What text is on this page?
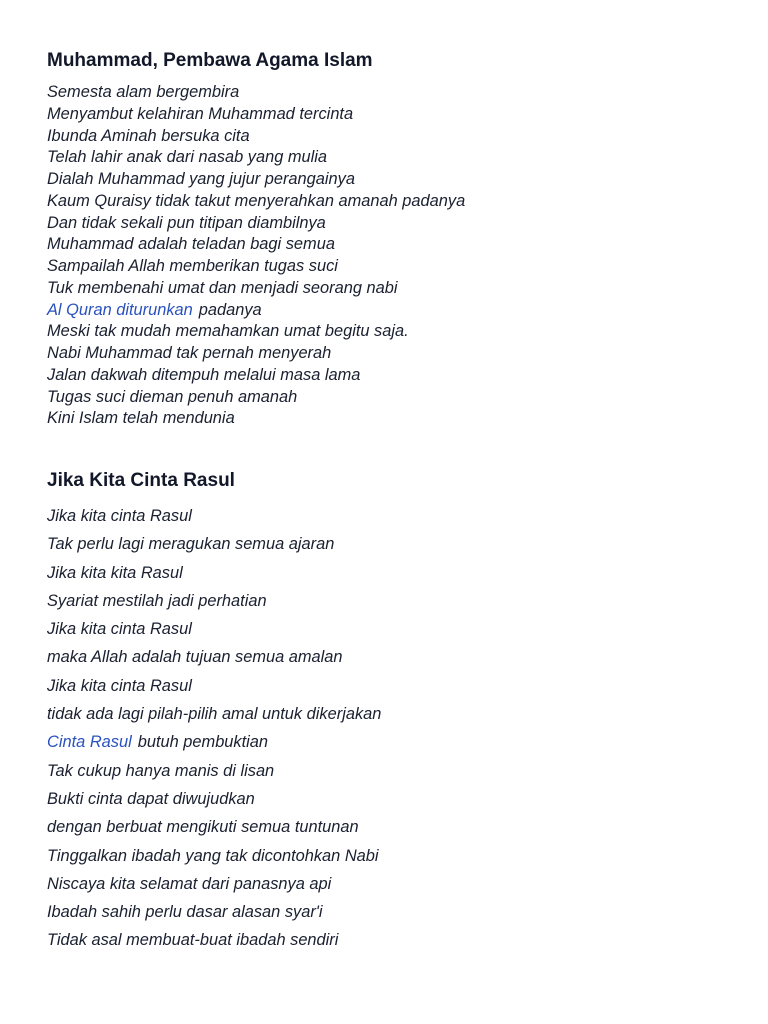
Muhammad, Pembawa Agama Islam
Semesta alam bergembira
Menyambut kelahiran Muhammad tercinta
Ibunda Aminah bersuka cita
Telah lahir anak dari nasab yang mulia
Dialah Muhammad yang jujur perangainya
Kaum Quraisy tidak takut menyerahkan amanah padanya
Dan tidak sekali pun titipan diambilnya
Muhammad adalah teladan bagi semua
Sampailah Allah memberikan tugas suci
Tuk membenahi umat dan menjadi seorang nabi
Al Quran diturunkan padanya
Meski tak mudah memahamkan umat begitu saja.
Nabi Muhammad tak pernah menyerah
Jalan dakwah ditempuh melalui masa lama
Tugas suci dieman penuh amanah
Kini Islam telah mendunia
Jika Kita Cinta Rasul
Jika kita cinta Rasul
Tak perlu lagi meragukan semua ajaran
Jika kita kita Rasul
Syariat mestilah jadi perhatian
Jika kita cinta Rasul
maka Allah adalah tujuan semua amalan
Jika kita cinta Rasul
tidak ada lagi pilah-pilih amal untuk dikerjakan
Cinta Rasul butuh pembuktian
Tak cukup hanya manis di lisan
Bukti cinta dapat diwujudkan
dengan berbuat mengikuti semua tuntunan
Tinggalkan ibadah yang tak dicontohkan Nabi
Niscaya kita selamat dari panasnya api
Ibadah sahih perlu dasar alasan syar'i
Tidak asal membuat-buat ibadah sendiri
